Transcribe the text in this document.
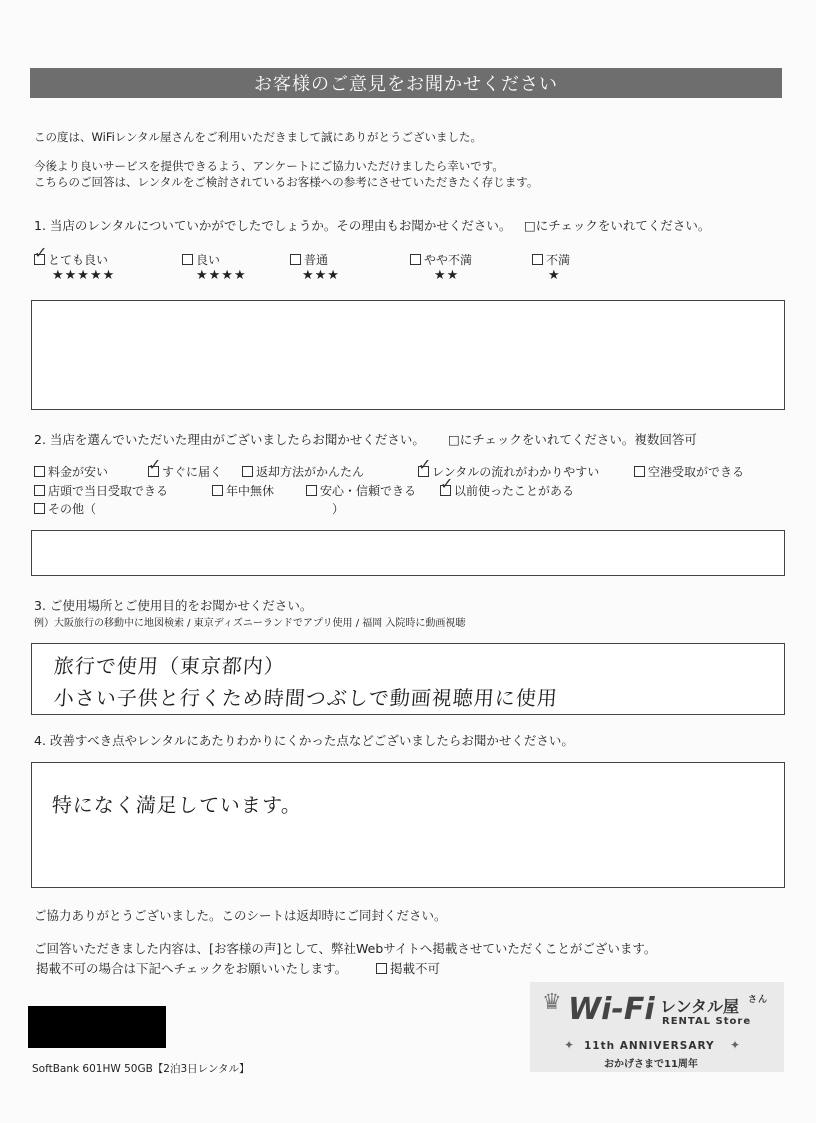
お客様のご意見をお聞かせください
この度は、WiFiレンタル屋さんをご利用いただきまして誠にありがとうございました。
今後より良いサービスを提供できるよう、アンケートにご協力いただけましたら幸いです。
こちらのご回答は、レンタルをご検討されているお客様への参考にさせていただきたく存じます。
1. 当店のレンタルについていかがでしたでしょうか。その理由もお聞かせください。 □にチェックをいれてください。
✓
とても良い
★★★★★
良い
★★★★
普通
★★★
やや不満
★★
不満
★
2. 当店を選んでいただいた理由がございましたらお聞かせください。 □にチェックをいれてください。複数回答可
料金が安い ✓	すぐに届く	返却方法がかんたん ✓	レンタルの流れがわかりやすい	空港受取ができる
店頭で当日受取できる	年中無休	安心・信頼できる ✓	以前使ったことがある
その他（	）
3. ご使用場所とご使用目的をお聞かせください。
例）大阪旅行の移動中に地図検索 / 東京ディズニーランドでアプリ使用 / 福岡 入院時に動画視聴
旅行で使用（東京都内）
小さい子供と行くため時間つぶしで動画視聴用に使用
4. 改善すべき点やレンタルにあたりわかりにくかった点などございましたらお聞かせください。
特になく満足しています。
ご協力ありがとうございました。このシートは返却時にご同封ください。
ご回答いただきました内容は、[お客様の声]として、弊社Webサイトへ掲載させていただくことがございます。
掲載不可の場合は下記へチェックをお願いいたします。	掲載不可
SoftBank 601HW 50GB【2泊3日レンタル】
♛ Wi-Fi レンタル屋 さん
RENTAL Store
✦ 11th ANNIVERSARY ✦
おかげさまで11周年
